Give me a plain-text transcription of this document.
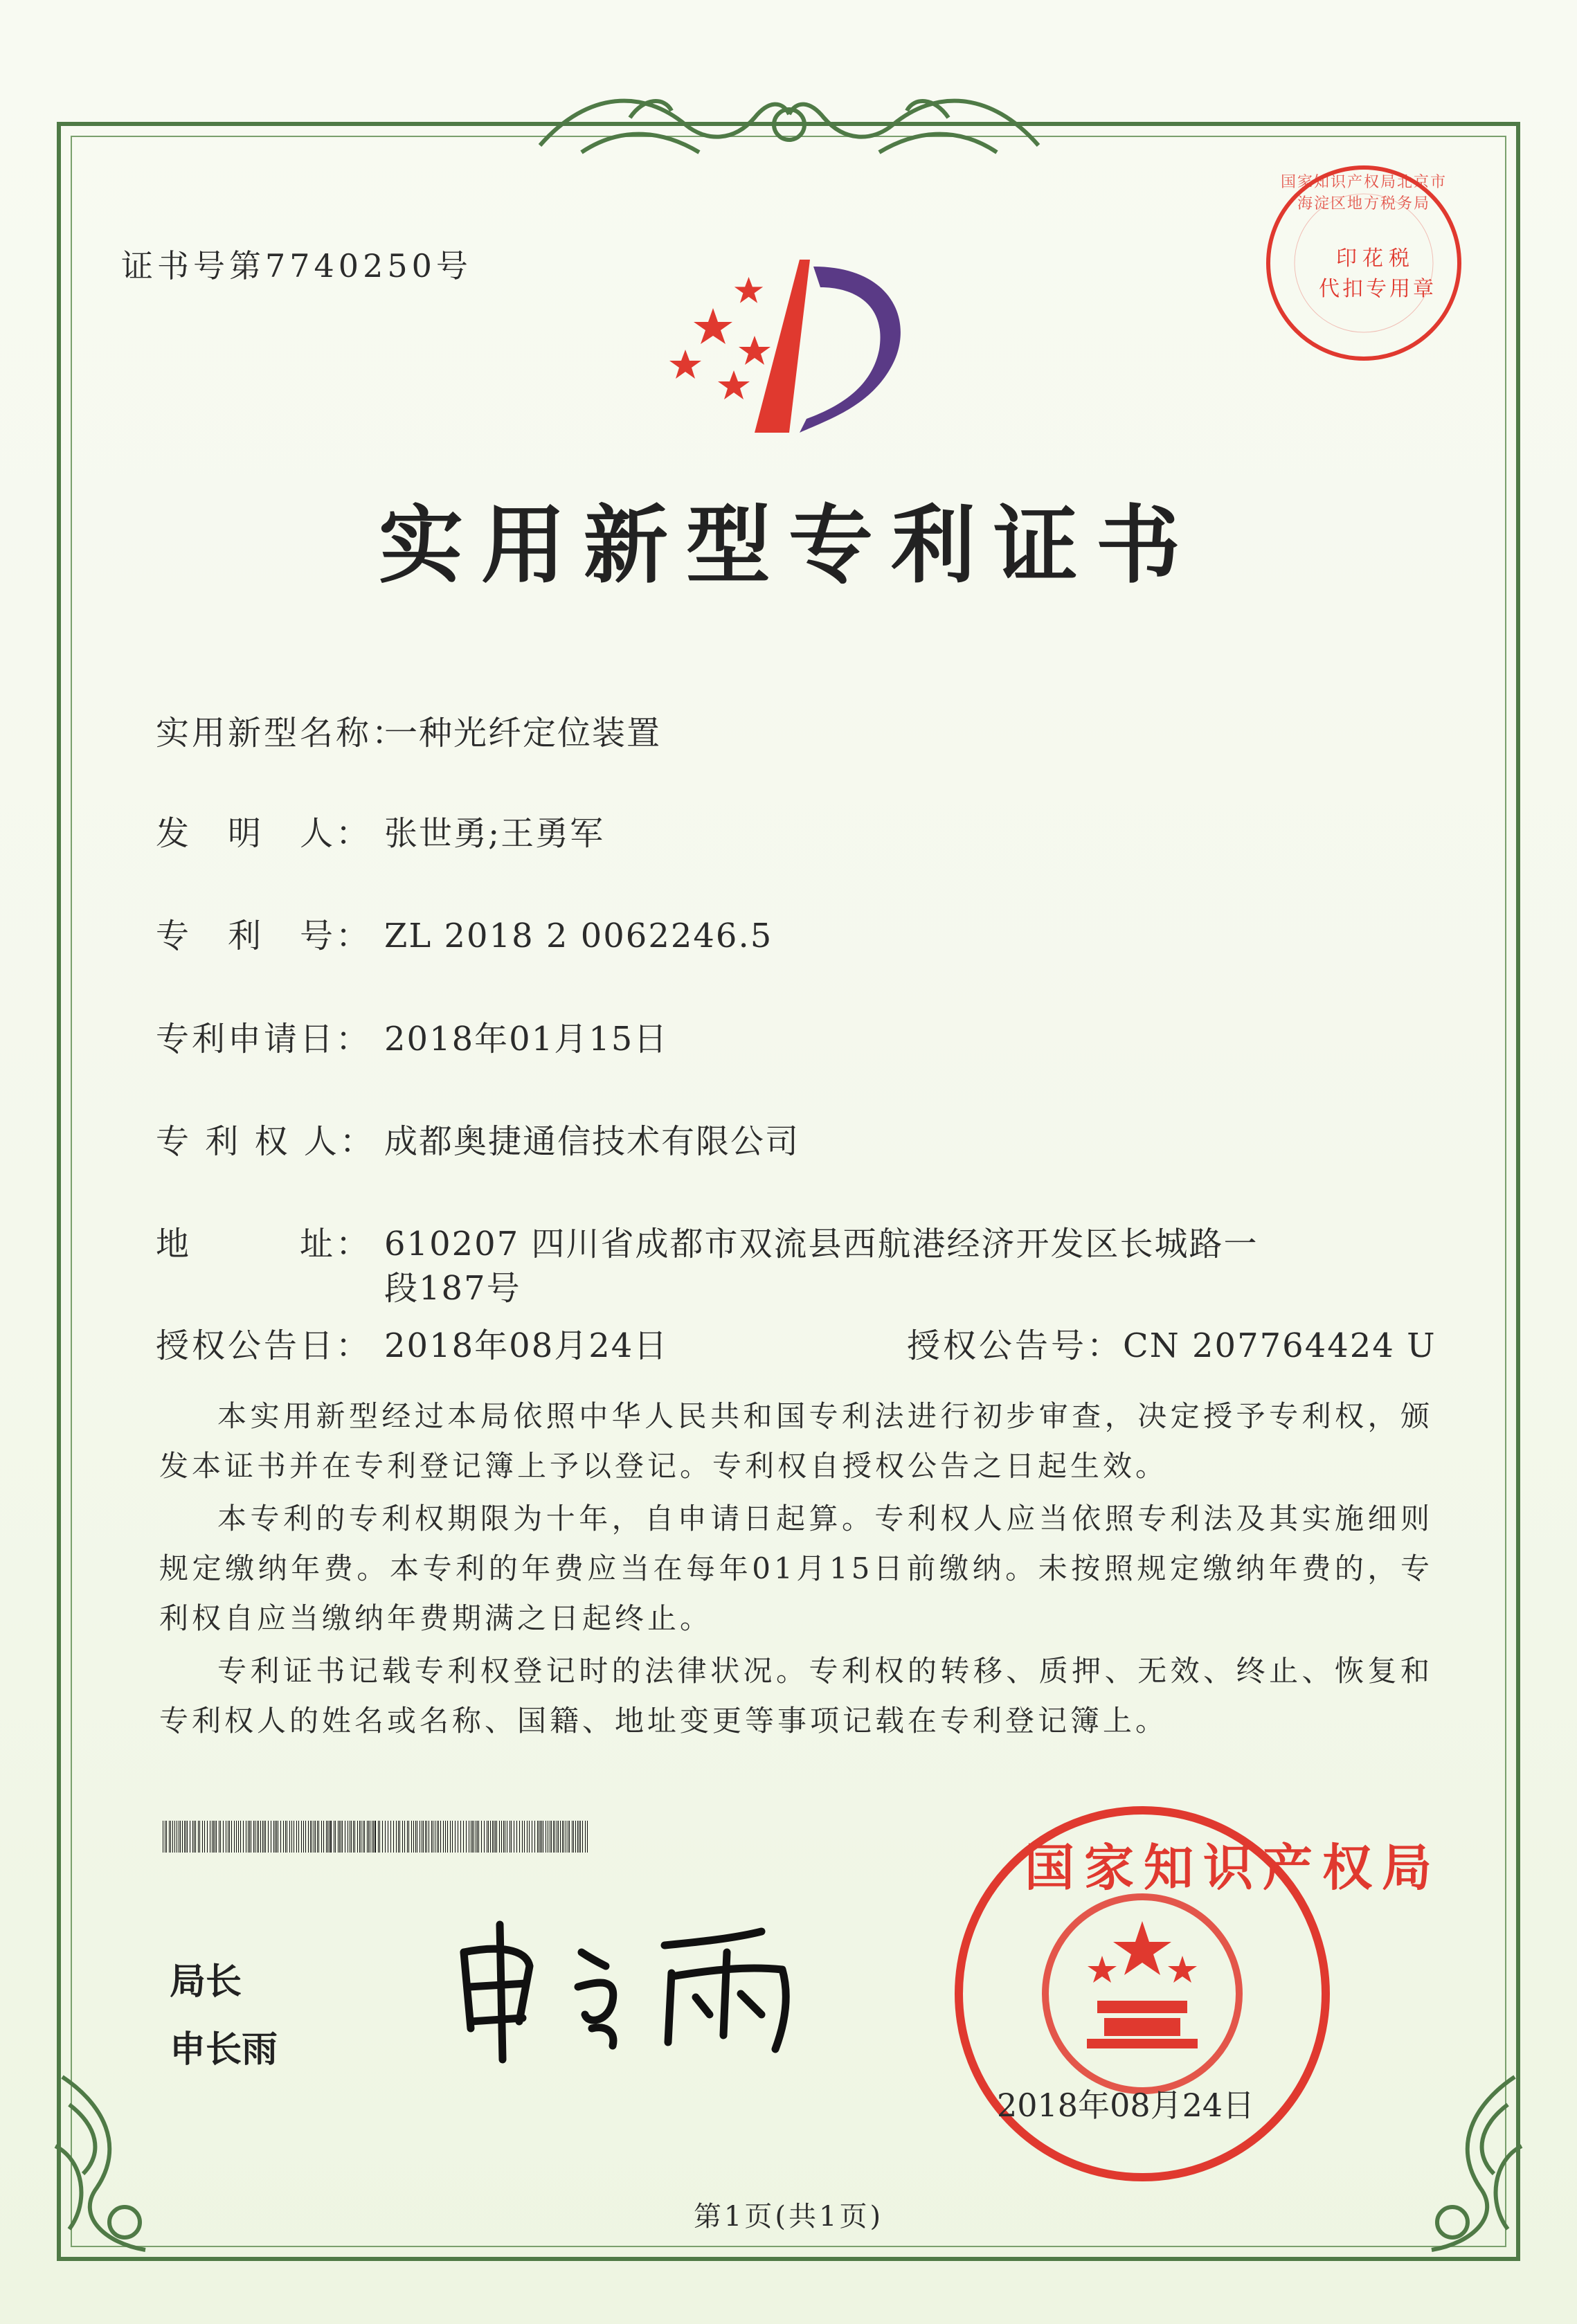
证书号第7740250号
国家知识产权局北京市海淀区地方税务局
印花税
代扣专用章
实用新型专利证书
实用新型名称：一种光纤定位装置
发　明　人： 张世勇;王勇军
专　利　号： ZL 2018 2 0062246.5
专利申请日： 2018年01月15日
专 利 权 人： 成都奥捷通信技术有限公司
地　　　址： 610207 四川省成都市双流县西航港经济开发区长城路一
段187号
授权公告日： 2018年08月24日	授权公告号：CN 207764424 U
本实用新型经过本局依照中华人民共和国专利法进行初步审查，决定授予专利权，颁发本证书并在专利登记簿上予以登记。专利权自授权公告之日起生效。
本专利的专利权期限为十年，自申请日起算。专利权人应当依照专利法及其实施细则规定缴纳年费。本专利的年费应当在每年01月15日前缴纳。未按照规定缴纳年费的，专利权自应当缴纳年费期满之日起终止。
专利证书记载专利权登记时的法律状况。专利权的转移、质押、无效、终止、恢复和专利权人的姓名或名称、国籍、地址变更等事项记载在专利登记簿上。
局长
申长雨
国家知识产权局
2018年08月24日
第1页(共1页)
